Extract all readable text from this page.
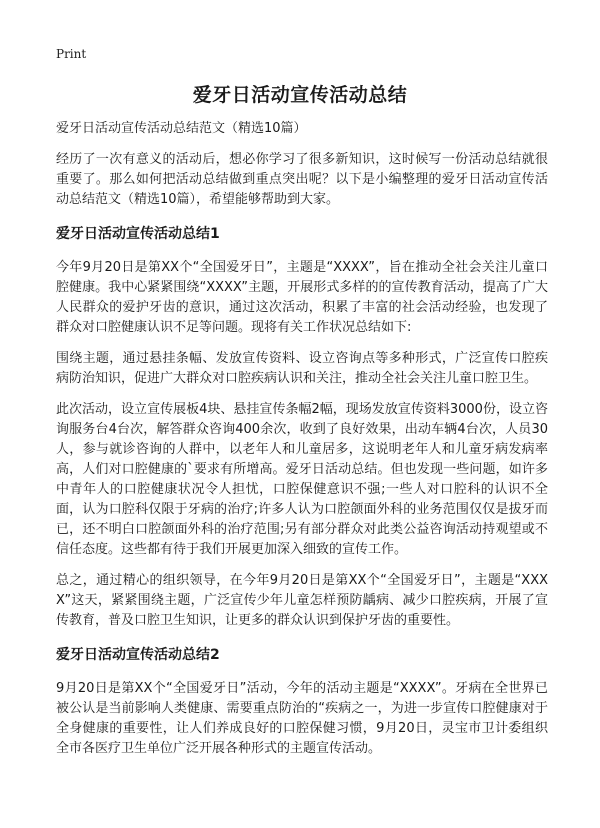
Print
爱牙日活动宣传活动总结
爱牙日活动宣传活动总结范文（精选10篇）

经历了一次有意义的活动后，想必你学习了很多新知识，这时候写一份活动总结就很重要了。那么如何把活动总结做到重点突出呢？以下是小编整理的爱牙日活动宣传活动总结范文（精选10篇），希望能够帮助到大家。

爱牙日活动宣传活动总结1

今年9月20日是第XX个“全国爱牙日”，主题是“XXXX”，旨在推动全社会关注儿童口腔健康。我中心紧紧围绕“XXXX”主题，开展形式多样的的宣传教育活动，提高了广大人民群众的爱护牙齿的意识，通过这次活动，积累了丰富的社会活动经验，也发现了群众对口腔健康认识不足等问题。现将有关工作状况总结如下:

围绕主题，通过悬挂条幅、发放宣传资料、设立咨询点等多种形式，广泛宣传口腔疾病防治知识，促进广大群众对口腔疾病认识和关注，推动全社会关注儿童口腔卫生。

此次活动，设立宣传展板4块、悬挂宣传条幅2幅，现场发放宣传资料3000份，设立咨询服务台4台次，解答群众咨询400余次，收到了良好效果，出动车辆4台次，人员30人，参与就诊咨询的人群中，以老年人和儿童居多，这说明老年人和儿童牙病发病率高，人们对口腔健康的`要求有所增高。爱牙日活动总结。但也发现一些问题，如许多中青年人的口腔健康状况令人担忧，口腔保健意识不强;一些人对口腔科的认识不全面，认为口腔科仅限于牙病的治疗;许多人认为口腔颌面外科的业务范围仅仅是拔牙而已，还不明白口腔颌面外科的治疗范围;另有部分群众对此类公益咨询活动持观望或不信任态度。这些都有待于我们开展更加深入细致的宣传工作。

总之，通过精心的组织领导，在今年9月20日是第XX个“全国爱牙日”，主题是“XXXX”这天，紧紧围绕主题，广泛宣传少年儿童怎样预防龋病、减少口腔疾病，开展了宣传教育，普及口腔卫生知识，让更多的群众认识到保护牙齿的重要性。

爱牙日活动宣传活动总结2

9月20日是第XX个“全国爱牙日”活动，今年的活动主题是“XXXX”。牙病在全世界已被公认是当前影响人类健康、需要重点防治的“疾病之一，为进一步宣传口腔健康对于全身健康的重要性，让人们养成良好的口腔保健习惯，9月20日，灵宝市卫计委组织全市各医疗卫生单位广泛开展各种形式的主题宣传活动。
